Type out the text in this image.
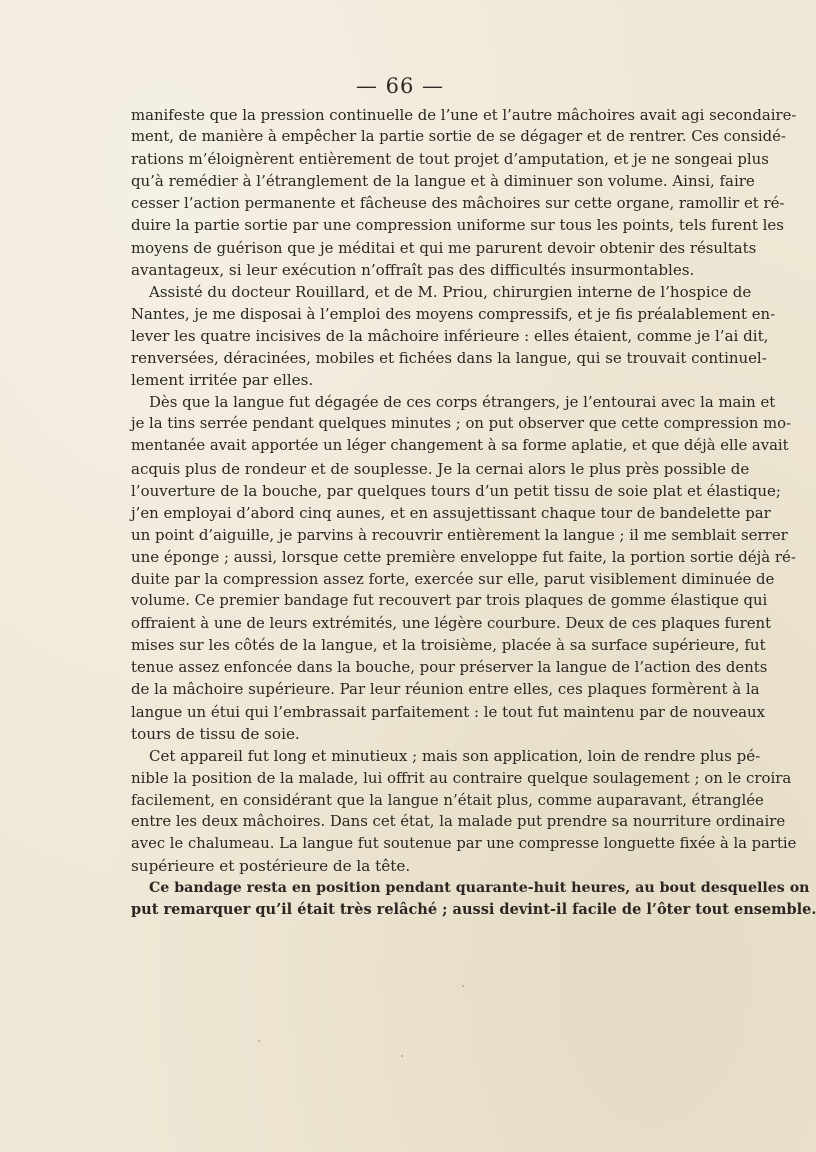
— 66 —

manifeste que la pression continuelle de l’une et l’autre mâchoires avait agi secondaire-
ment, de manière à empêcher la partie sortie de se dégager et de rentrer. Ces considé-
rations m’éloignèrent entièrement de tout projet d’amputation, et je ne songeai plus
qu’à remédier à l’étranglement de la langue et à diminuer son volume. Ainsi, faire
cesser l’action permanente et fâcheuse des mâchoires sur cette organe, ramollir et ré-
duire la partie sortie par une compression uniforme sur tous les points, tels furent les
moyens de guérison que je méditai et qui me parurent devoir obtenir des résultats
avantageux, si leur exécution n’offraît pas des difficultés insurmontables.

Assisté du docteur Rouillard, et de M. Priou, chirurgien interne de l’hospice de
Nantes, je me disposai à l’emploi des moyens compressifs, et je fis préalablement en-
lever les quatre incisives de la mâchoire inférieure : elles étaient, comme je l’ai dit,
renversées, déracinées, mobiles et fichées dans la langue, qui se trouvait continuel-
lement irritée par elles.

Dès que la langue fut dégagée de ces corps étrangers, je l’entourai avec la main et
je la tins serrée pendant quelques minutes ; on put observer que cette compression mo-
mentanée avait apportée un léger changement à sa forme aplatie, et que déjà elle avait
acquis plus de rondeur et de souplesse. Je la cernai alors le plus près possible de
l’ouverture de la bouche, par quelques tours d’un petit tissu de soie plat et élastique;
j’en employai d’abord cinq aunes, et en assujettissant chaque tour de bandelette par
un point d’aiguille, je parvins à recouvrir entièrement la langue ; il me semblait serrer
une éponge ; aussi, lorsque cette première enveloppe fut faite, la portion sortie déjà ré-
duite par la compression assez forte, exercée sur elle, parut visiblement diminuée de
volume. Ce premier bandage fut recouvert par trois plaques de gomme élastique qui
offraient à une de leurs extrémités, une légère courbure. Deux de ces plaques furent
mises sur les côtés de la langue, et la troisième, placée à sa surface supérieure, fut
tenue assez enfoncée dans la bouche, pour préserver la langue de l’action des dents
de la mâchoire supérieure. Par leur réunion entre elles, ces plaques formèrent à la
langue un étui qui l’embrassait parfaitement : le tout fut maintenu par de nouveaux
tours de tissu de soie.

Cet appareil fut long et minutieux ; mais son application, loin de rendre plus pé-
nible la position de la malade, lui offrit au contraire quelque soulagement ; on le croira
facilement, en considérant que la langue n’était plus, comme auparavant, étranglée
entre les deux mâchoires. Dans cet état, la malade put prendre sa nourriture ordinaire
avec le chalumeau. La langue fut soutenue par une compresse longuette fixée à la partie
supérieure et postérieure de la tête.

Ce bandage resta en position pendant quarante-huit heures, au bout desquelles on
put remarquer qu’il était très relâché ; aussi devint-il facile de l’ôter tout ensemble.
